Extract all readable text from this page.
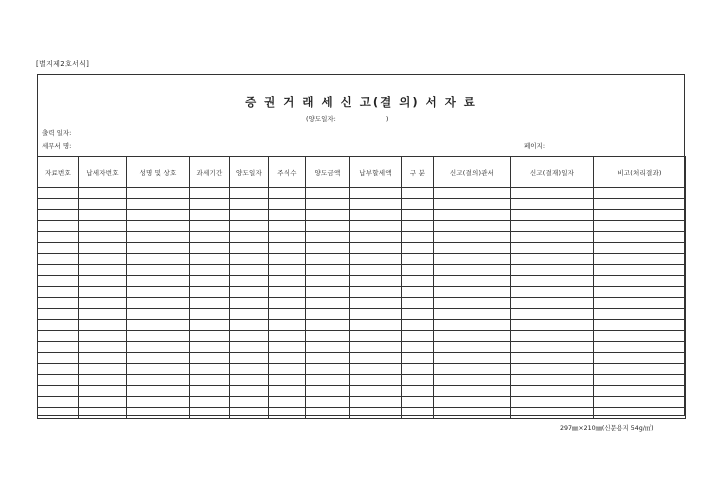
[별지제2호서식]
증 권 거 래 세 신 고(결 의) 서 자 료
(양도일자:	)
출력 일자:
세무서 명:	페이지:
자료번호	납세자번호	성명 및 상호	과세기간	양도일자	주식수	양도금액	납부할세액	구 분	신고(결의)관서	신고(결재)일자	비고(처리결과)

297㎜×210㎜(신문용지 54g/㎡)
